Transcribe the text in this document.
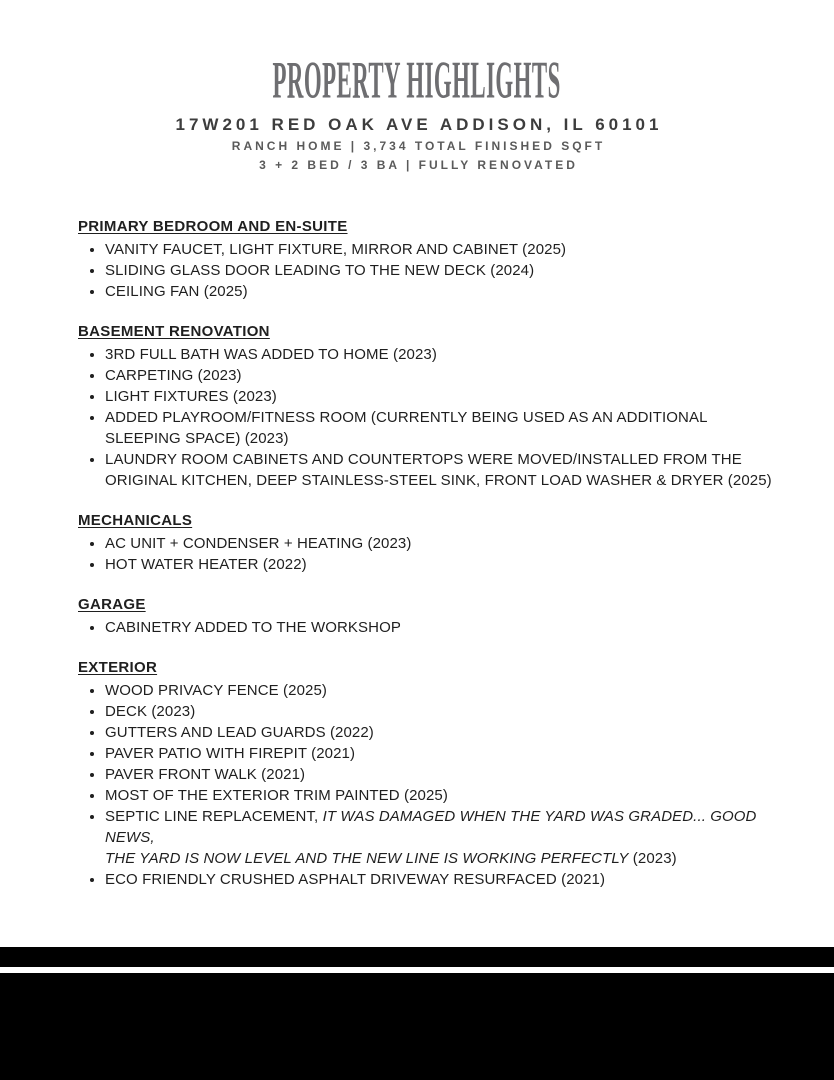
PROPERTY HIGHLIGHTS
17W201 RED OAK AVE ADDISON, IL 60101
RANCH HOME | 3,734 TOTAL FINISHED SQFT
3 + 2 BED / 3 BA | FULLY RENOVATED
PRIMARY BEDROOM AND EN-SUITE
• VANITY FAUCET, LIGHT FIXTURE, MIRROR AND CABINET (2025)
• SLIDING GLASS DOOR LEADING TO THE NEW DECK (2024)
• CEILING FAN (2025)
BASEMENT RENOVATION
• 3RD FULL BATH WAS ADDED TO HOME (2023)
• CARPETING (2023)
• LIGHT FIXTURES (2023)
• ADDED PLAYROOM/FITNESS ROOM (CURRENTLY BEING USED AS AN ADDITIONAL
SLEEPING SPACE) (2023)
• LAUNDRY ROOM CABINETS AND COUNTERTOPS WERE MOVED/INSTALLED FROM THE
ORIGINAL KITCHEN, DEEP STAINLESS-STEEL SINK, FRONT LOAD WASHER & DRYER (2025)
MECHANICALS
• AC UNIT + CONDENSER + HEATING (2023)
• HOT WATER HEATER (2022)
GARAGE
• CABINETRY ADDED TO THE WORKSHOP
EXTERIOR
• WOOD PRIVACY FENCE (2025)
• DECK (2023)
• GUTTERS AND LEAD GUARDS (2022)
• PAVER PATIO WITH FIREPIT (2021)
• PAVER FRONT WALK (2021)
• MOST OF THE EXTERIOR TRIM PAINTED (2025)
• SEPTIC LINE REPLACEMENT, IT WAS DAMAGED WHEN THE YARD WAS GRADED... GOOD NEWS,
THE YARD IS NOW LEVEL AND THE NEW LINE IS WORKING PERFECTLY (2023)
• ECO FRIENDLY CRUSHED ASPHALT DRIVEWAY RESURFACED (2021)
